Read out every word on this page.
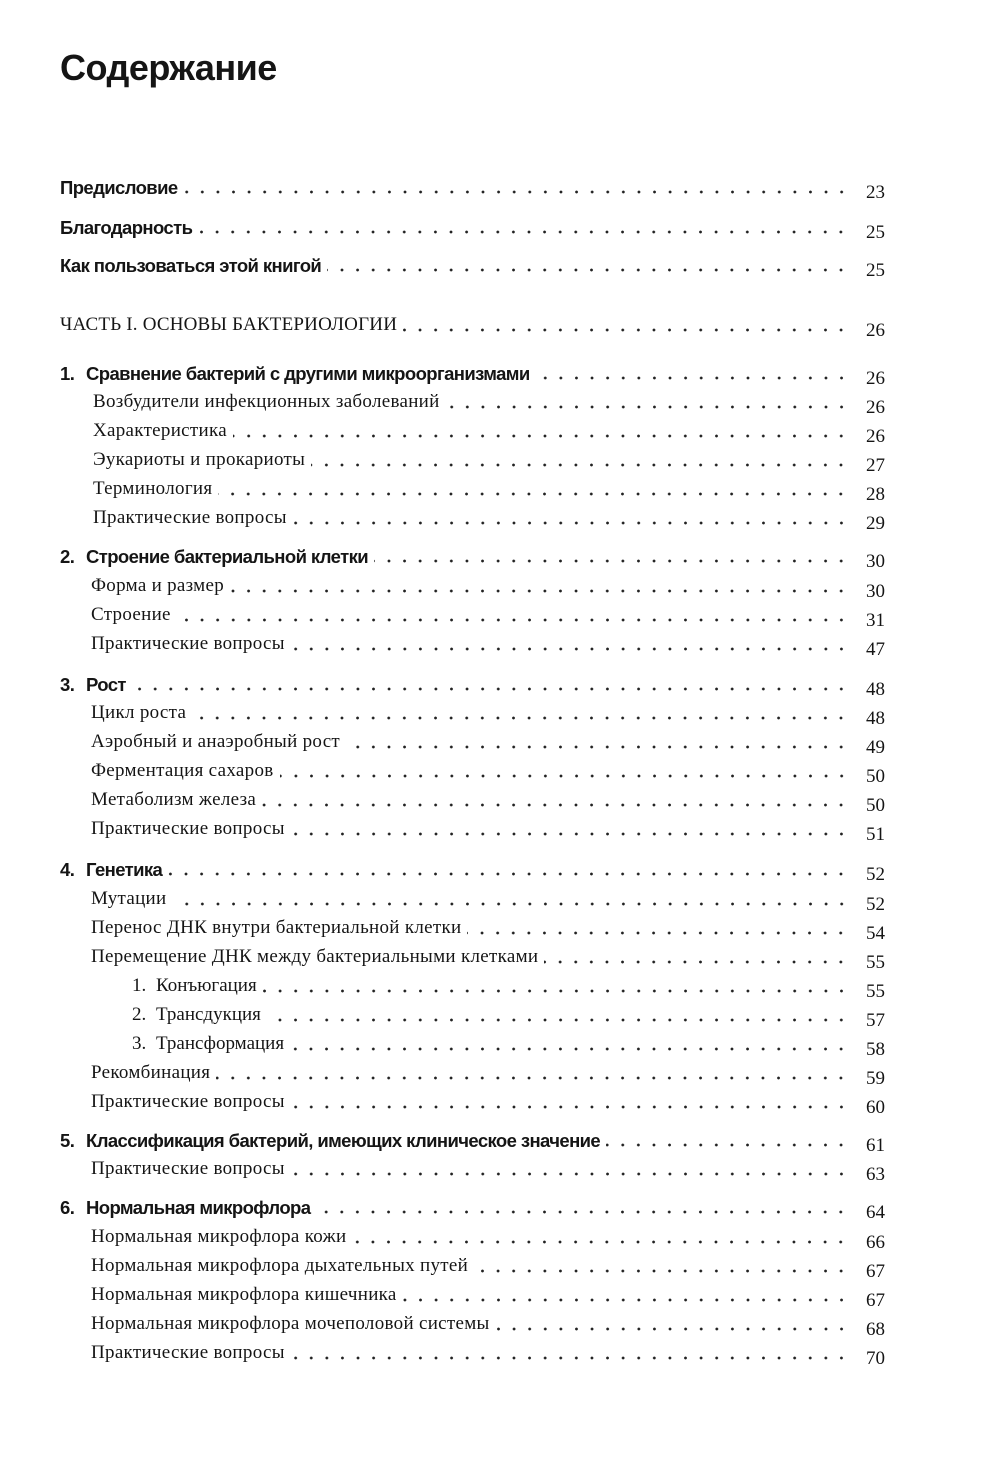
Содержание
Предисловие	23
Благодарность	25
Как пользоваться этой книгой	25
ЧАСТЬ I. ОСНОВЫ БАКТЕРИОЛОГИИ	26
1. Сравнение бактерий с другими микроорганизмами	26
Возбудители инфекционных заболеваний	26
Характеристика	26
Эукариоты и прокариоты	27
Терминология	28
Практические вопросы	29
2. Строение бактериальной клетки	30
Форма и размер	30
Строение	31
Практические вопросы	47
3. Рост	48
Цикл роста	48
Аэробный и анаэробный рост	49
Ферментация сахаров	50
Метаболизм железа	50
Практические вопросы	51
4. Генетика	52
Мутации	52
Перенос ДНК внутри бактериальной клетки	54
Перемещение ДНК между бактериальными клетками	55
1. Конъюгация	55
2. Трансдукция	57
3. Трансформация	58
Рекомбинация	59
Практические вопросы	60
5. Классификация бактерий, имеющих клиническое значение	61
Практические вопросы	63
6. Нормальная микрофлора	64
Нормальная микрофлора кожи	66
Нормальная микрофлора дыхательных путей	67
Нормальная микрофлора кишечника	67
Нормальная микрофлора мочеполовой системы	68
Практические вопросы	70
